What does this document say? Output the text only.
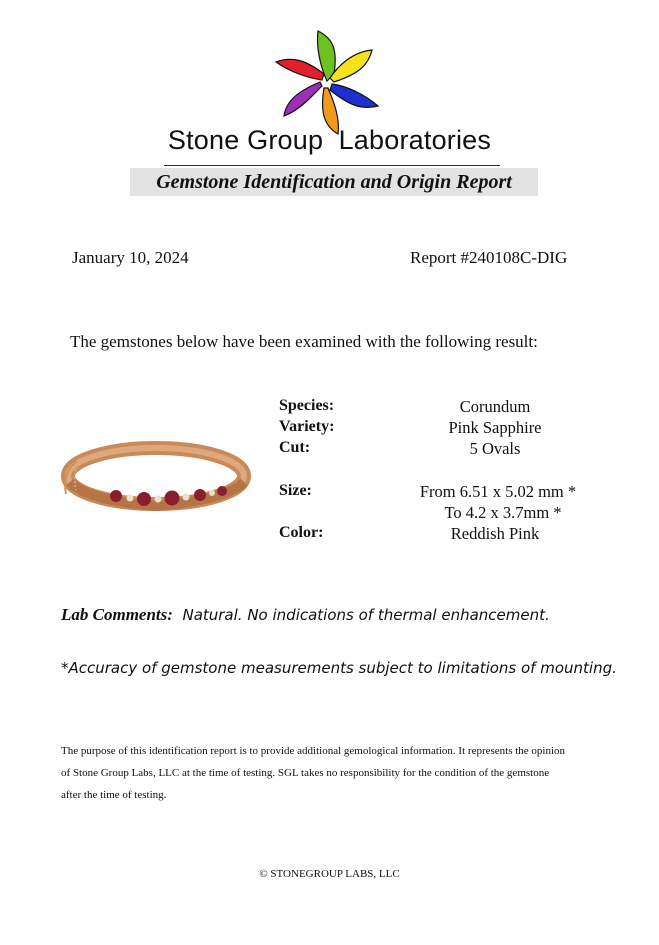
Stone Group  Laboratories
Gemstone Identification and Origin Report
January 10, 2024	Report #240108C-DIG
The gemstones below have been examined with the following result:
Species:	Corundum
Variety:	Pink Sapphire
Cut:	5 Ovals
Size:	From 6.51 x 5.02 mm *
To 4.2 x 3.7mm *
Color:	Reddish Pink
Lab Comments: Natural. No indications of thermal enhancement.
*Accuracy of gemstone measurements subject to limitations of mounting.
The purpose of this identification report is to provide additional gemological information. It represents the opinion
of Stone Group Labs, LLC at the time of testing. SGL takes no responsibility for the condition of the gemstone
after the time of testing.
© STONEGROUP LABS, LLC
